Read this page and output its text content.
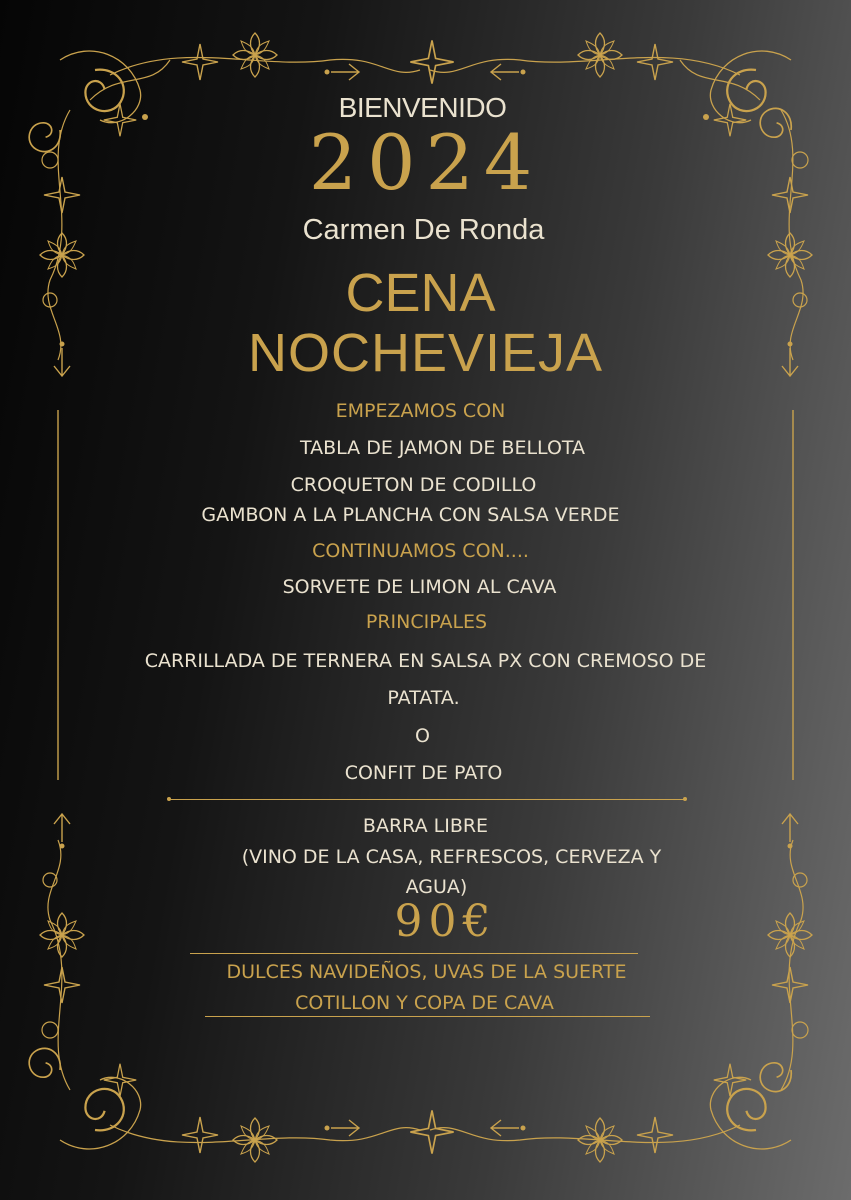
BIENVENIDO
2024
Carmen De Ronda
CENA
NOCHEVIEJA
EMPEZAMOS CON
TABLA DE JAMON DE BELLOTA
CROQUETON DE CODILLO
GAMBON A LA PLANCHA CON SALSA VERDE
CONTINUAMOS CON....
SORVETE DE LIMON AL CAVA
PRINCIPALES
CARRILLADA DE TERNERA EN SALSA PX CON CREMOSO DE
PATATA.
O
CONFIT DE PATO
BARRA LIBRE
(VINO DE LA CASA, REFRESCOS, CERVEZA Y
AGUA)
90€
DULCES NAVIDEÑOS, UVAS DE LA SUERTE
COTILLON Y COPA DE CAVA
